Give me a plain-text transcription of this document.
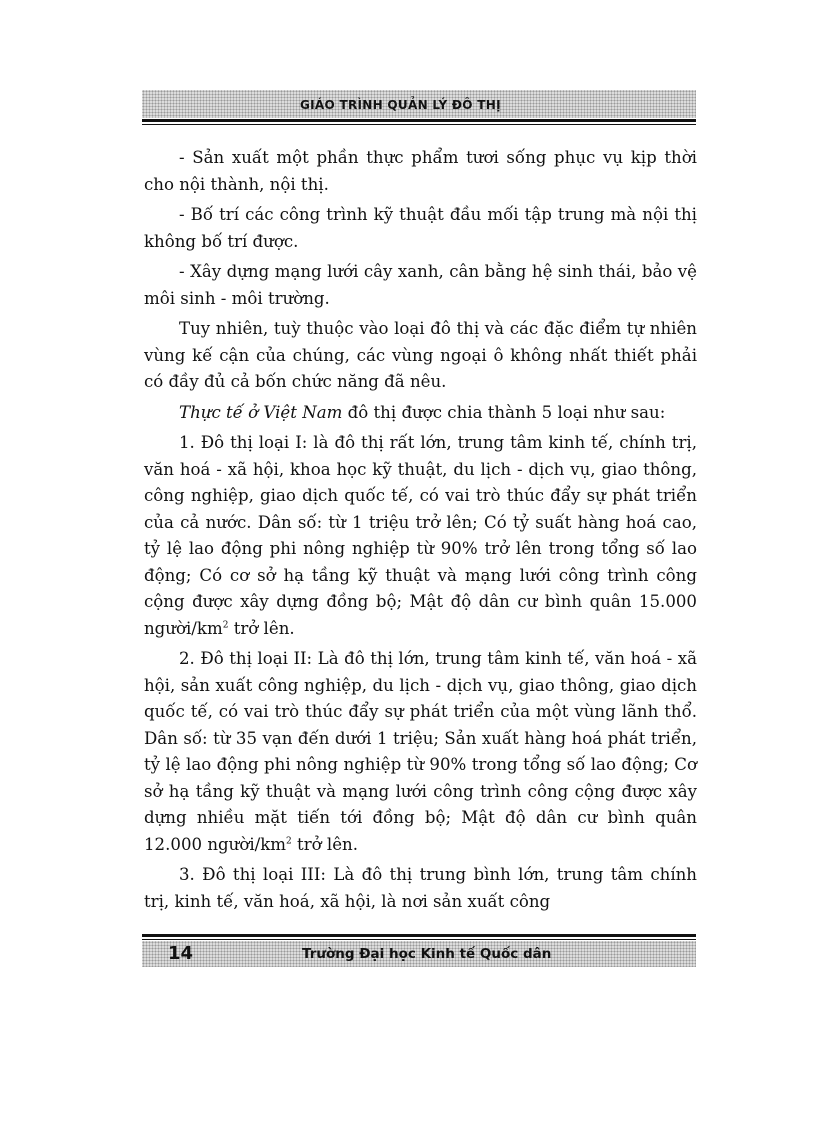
GIÁO TRÌNH QUẢN LÝ ĐÔ THỊ

- Sản xuất một phần thực phẩm tươi sống phục vụ kịp thời cho nội thành, nội thị.

- Bố trí các công trình kỹ thuật đầu mối tập trung mà nội thị không bố trí được.

- Xây dựng mạng lưới cây xanh, cân bằng hệ sinh thái, bảo vệ môi sinh - môi trường.

Tuy nhiên, tuỳ thuộc vào loại đô thị và các đặc điểm tự nhiên vùng kế cận của chúng, các vùng ngoại ô không nhất thiết phải có đầy đủ cả bốn chức năng đã nêu.

Thực tế ở Việt Nam đô thị được chia thành 5 loại như sau:

1. Đô thị loại I: là đô thị rất lớn, trung tâm kinh tế, chính trị, văn hoá - xã hội, khoa học kỹ thuật, du lịch - dịch vụ, giao thông, công nghiệp, giao dịch quốc tế, có vai trò thúc đẩy sự phát triển của cả nước. Dân số: từ 1 triệu trở lên; Có tỷ suất hàng hoá cao, tỷ lệ lao động phi nông nghiệp từ 90% trở lên trong tổng số lao động; Có cơ sở hạ tầng kỹ thuật và mạng lưới công trình công cộng được xây dựng đồng bộ; Mật độ dân cư bình quân 15.000 người/$km^2$ trở lên.

2. Đô thị loại II: Là đô thị lớn, trung tâm kinh tế, văn hoá - xã hội, sản xuất công nghiệp, du lịch - dịch vụ, giao thông, giao dịch quốc tế, có vai trò thúc đẩy sự phát triển của một vùng lãnh thổ. Dân số: từ 35 vạn đến dưới 1 triệu; Sản xuất hàng hoá phát triển, tỷ lệ lao động phi nông nghiệp từ 90% trong tổng số lao động; Cơ sở hạ tầng kỹ thuật và mạng lưới công trình công cộng được xây dựng nhiều mặt tiến tới đồng bộ; Mật độ dân cư bình quân 12.000 người/$km^2$ trở lên.

3. Đô thị loại III: Là đô thị trung bình lớn, trung tâm chính trị, kinh tế, văn hoá, xã hội, là nơi sản xuất công

14	Trường Đại học Kinh tế Quốc dân
